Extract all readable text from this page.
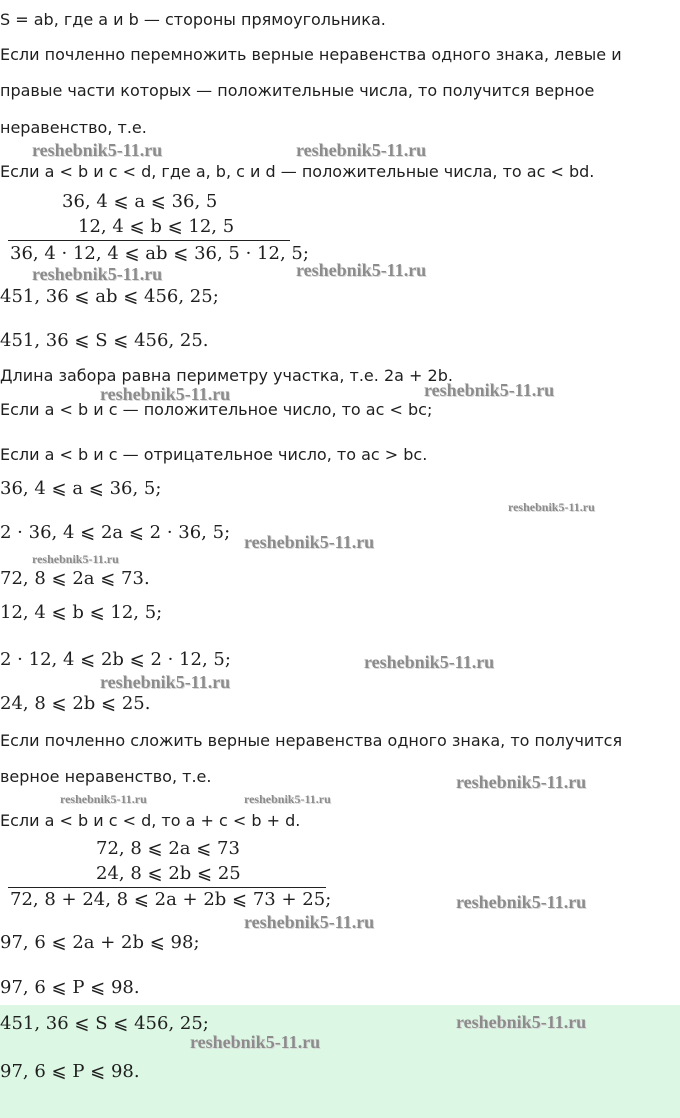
S = ab, где a и b — стороны прямоугольника.
Если почленно перемножить верные неравенства одного знака, левые и
правые части которых — положительные числа, то получится верное
неравенство, т.е.
Если a < b и c < d, где a, b, c и d — положительные числа, то ac < bd.
36, 4 ⩽ a ⩽ 36, 5
12, 4 ⩽ b ⩽ 12, 5
36, 4 · 12, 4 ⩽ ab ⩽ 36, 5 · 12, 5;
451, 36 ⩽ ab ⩽ 456, 25;
451, 36 ⩽ S ⩽ 456, 25.
Длина забора равна периметру участка, т.е. 2a + 2b.
Если a < b и c — положительное число, то ac < bc;
Если a < b и c — отрицательное число, то ac > bc.
36, 4 ⩽ a ⩽ 36, 5;
2 · 36, 4 ⩽ 2a ⩽ 2 · 36, 5;
72, 8 ⩽ 2a ⩽ 73.
12, 4 ⩽ b ⩽ 12, 5;
2 · 12, 4 ⩽ 2b ⩽ 2 · 12, 5;
24, 8 ⩽ 2b ⩽ 25.
Если почленно сложить верные неравенства одного знака, то получится
верное неравенство, т.е.
Если a < b и c < d, то a + c < b + d.
72, 8 ⩽ 2a ⩽ 73
24, 8 ⩽ 2b ⩽ 25
72, 8 + 24, 8 ⩽ 2a + 2b ⩽ 73 + 25;
97, 6 ⩽ 2a + 2b ⩽ 98;
97, 6 ⩽ P ⩽ 98.
451, 36 ⩽ S ⩽ 456, 25;
97, 6 ⩽ P ⩽ 98.
reshebnik5-11.ru	reshebnik5-11.ru
reshebnik5-11.ru	reshebnik5-11.ru
reshebnik5-11.ru	reshebnik5-11.ru
reshebnik5-11.ru
reshebnik5-11.ru
reshebnik5-11.ru
reshebnik5-11.ru
reshebnik5-11.ru
reshebnik5-11.ru
reshebnik5-11.ru	reshebnik5-11.ru
reshebnik5-11.ru
reshebnik5-11.ru
reshebnik5-11.ru
reshebnik5-11.ru
